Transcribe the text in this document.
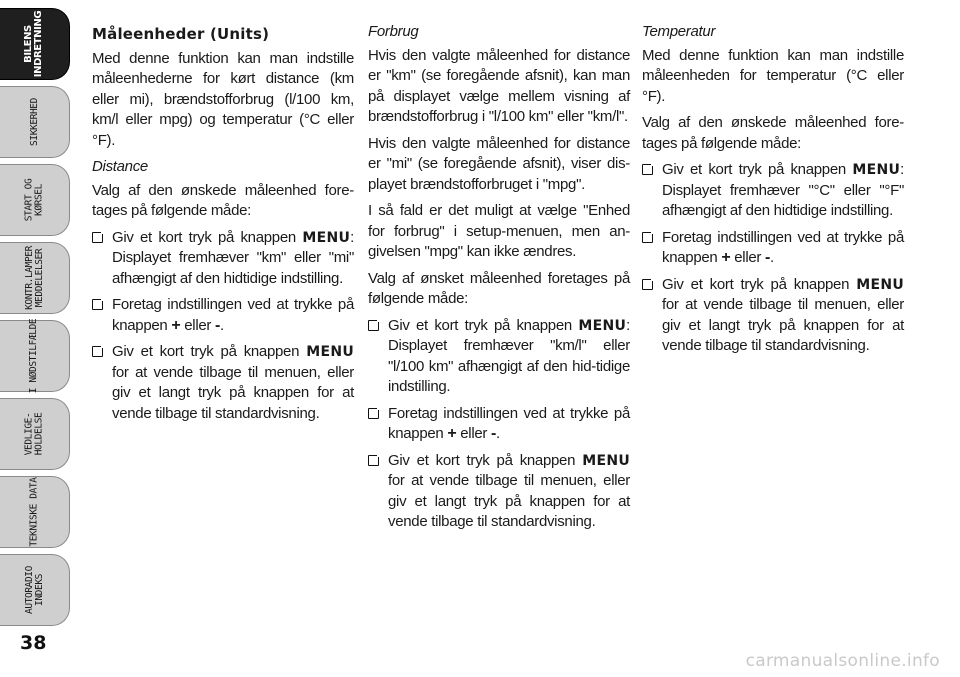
BILENS
INDRETNING
SIKKERHED
START OG
KØRSEL
KONTR.LAMPER
MEDDELELSER
I NØDSTILFÆLDE
VEDLIGE-
HOLDELSE
TEKNISKE DATA
AUTORADIO
INDEKS
38
Måleenheder (Units)

Med denne funktion kan man indstille måleenhederne for kørt distance (km eller mi), brændstofforbrug (l/100 km, km/l eller mpg) og temperatur (°C eller °F).

Distance

Valg af den ønskede måleenhed fore-tages på følgende måde:

Giv et kort tryk på knappen MENU: Displayet fremhæver "km" eller "mi" afhængigt af den hidtidige indstilling.
Foretag indstillingen ved at trykke på knappen + eller -.
Giv et kort tryk på knappen MENU for at vende tilbage til menuen, eller giv et langt tryk på knappen for at vende tilbage til standardvisning.
Forbrug

Hvis den valgte måleenhed for distance er "km" (se foregående afsnit), kan man på displayet vælge mellem visning af brændstofforbrug i "l/100 km" eller "km/l".

Hvis den valgte måleenhed for distance er "mi" (se foregående afsnit), viser dis-playet brændstofforbruget i "mpg".

I så fald er det muligt at vælge "Enhed for forbrug" i setup-menuen, men an-givelsen "mpg" kan ikke ændres.

Valg af ønsket måleenhed foretages på følgende måde:

Giv et kort tryk på knappen MENU: Displayet fremhæver "km/l" eller "l/100 km" afhængigt af den hid-tidige indstilling.
Foretag indstillingen ved at trykke på knappen + eller -.
Giv et kort tryk på knappen MENU for at vende tilbage til menuen, eller giv et langt tryk på knappen for at vende tilbage til standardvisning.
Temperatur

Med denne funktion kan man indstille måleenheden for temperatur (°C eller °F).

Valg af den ønskede måleenhed fore-tages på følgende måde:

Giv et kort tryk på knappen MENU: Displayet fremhæver "°C" eller "°F" afhængigt af den hidtidige indstilling.
Foretag indstillingen ved at trykke på knappen + eller -.
Giv et kort tryk på knappen MENU for at vende tilbage til menuen, eller giv et langt tryk på knappen for at vende tilbage til standardvisning.
carmanualsonline.info
